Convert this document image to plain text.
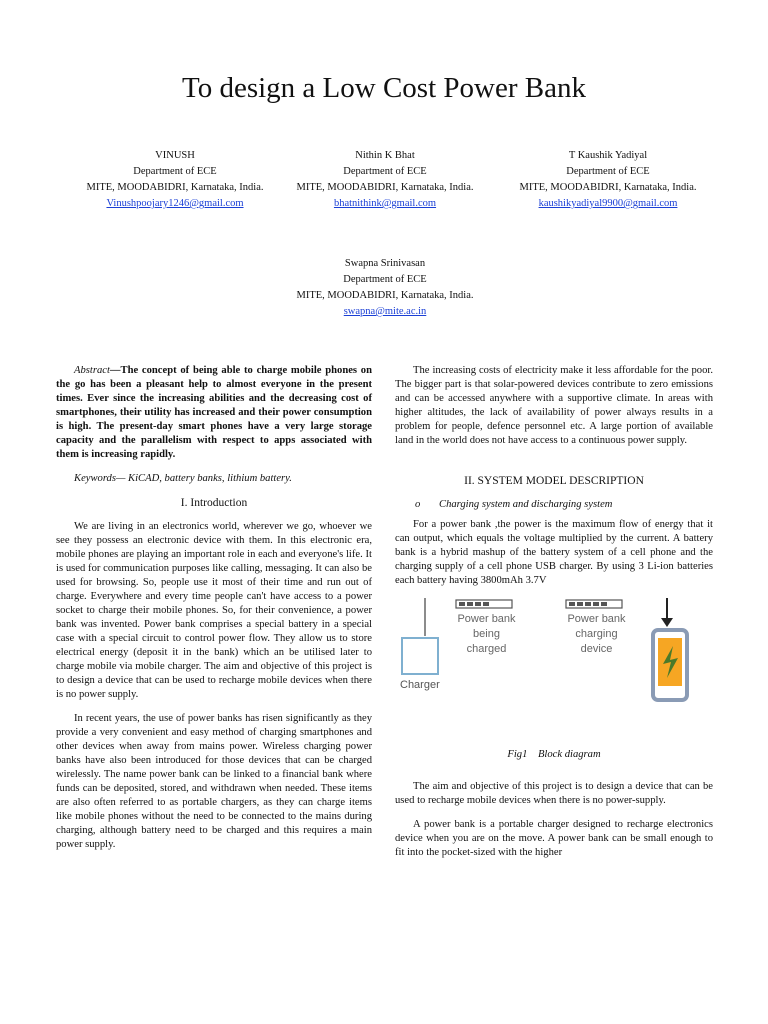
To design a Low Cost Power Bank
VINUSH
Department of ECE
MITE, MOODABIDRI, Karnataka, India.
Vinushpoojary1246@gmail.com
Nithin K Bhat
Department of ECE
MITE, MOODABIDRI, Karnataka, India.
bhatnithink@gmail.com
T Kaushik Yadiyal
Department of ECE
MITE, MOODABIDRI, Karnataka, India.
kaushikyadiyal9900@gmail.com
Swapna Srinivasan
Department of ECE
MITE, MOODABIDRI, Karnataka, India.
swapna@mite.ac.in

Abstract—The concept of being able to charge mobile phones on the go has been a pleasant help to almost everyone in the present times. Ever since the increasing abilities and the decreasing cost of smartphones, their utility has increased and their power consumption is high. The present-day smart phones have a very large storage capacity and the parallelism with respect to apps associated with them is increasing rapidly.

Keywords— KiCAD, battery banks, lithium battery.

I. Introduction

We are living in an electronics world, wherever we go, whoever we see they possess an electronic device with them. In this electronic era, mobile phones are playing an important role in each and everyone's life. It is used for communication purposes like calling, messaging. It can also be used for browsing. So, people use it most of their time and run out of charge. Everywhere and every time people can't have access to a power socket to charge their mobile phones. So, for their convenience, a power bank was invented. Power bank comprises a special battery in a special case with a special circuit to control power flow. They allow us to store electrical energy (deposit it in the bank) which an be utilised later to charge mobile via mobile charger. The aim and objective of this project is to design a device that can be used to recharge mobile devices when there is no power supply.

In recent years, the use of power banks has risen significantly as they provide a very convenient and easy method of charging smartphones and other devices when away from mains power. Wireless charging power banks have also been introduced for those devices that can be charged wirelessly. The name power bank can be linked to a financial bank where funds can be deposited, stored, and withdrawn when needed. These items are also often referred to as portable chargers, as they can charge items like mobile phones without the need to be connected to the mains during charging, although battery need to be charged and this requires a main power supply.

The increasing costs of electricity make it less affordable for the poor. The bigger part is that solar-powered devices contribute to zero emissions and can be accessed anywhere with a supportive climate. In areas with higher altitudes, the lack of availability of power always results in a problem for people, defence personnel etc. A large portion of available land in the world does not have access to a continuous power supply.

II. SYSTEM MODEL DESCRIPTION
o Charging system and discharging system

For a power bank ,the power is the maximum flow of energy that it can output, which equals the voltage multiplied by the current. A battery bank is a hybrid mashup of the battery system of a cell phone and the charging supply of a cell phone USB charger. By using 3 Li-ion batteries each battery having 3800mAh 3.7V

Charger
Power bank
being
charged
Power bank
charging
device
Fig1    Block diagram

The aim and objective of this project is to design a device that can be used to recharge mobile devices when there is no power-supply.

A power bank is a portable charger designed to recharge electronics device when you are on the move. A power bank can be small enough to fit into the pocket-sized with the higher
